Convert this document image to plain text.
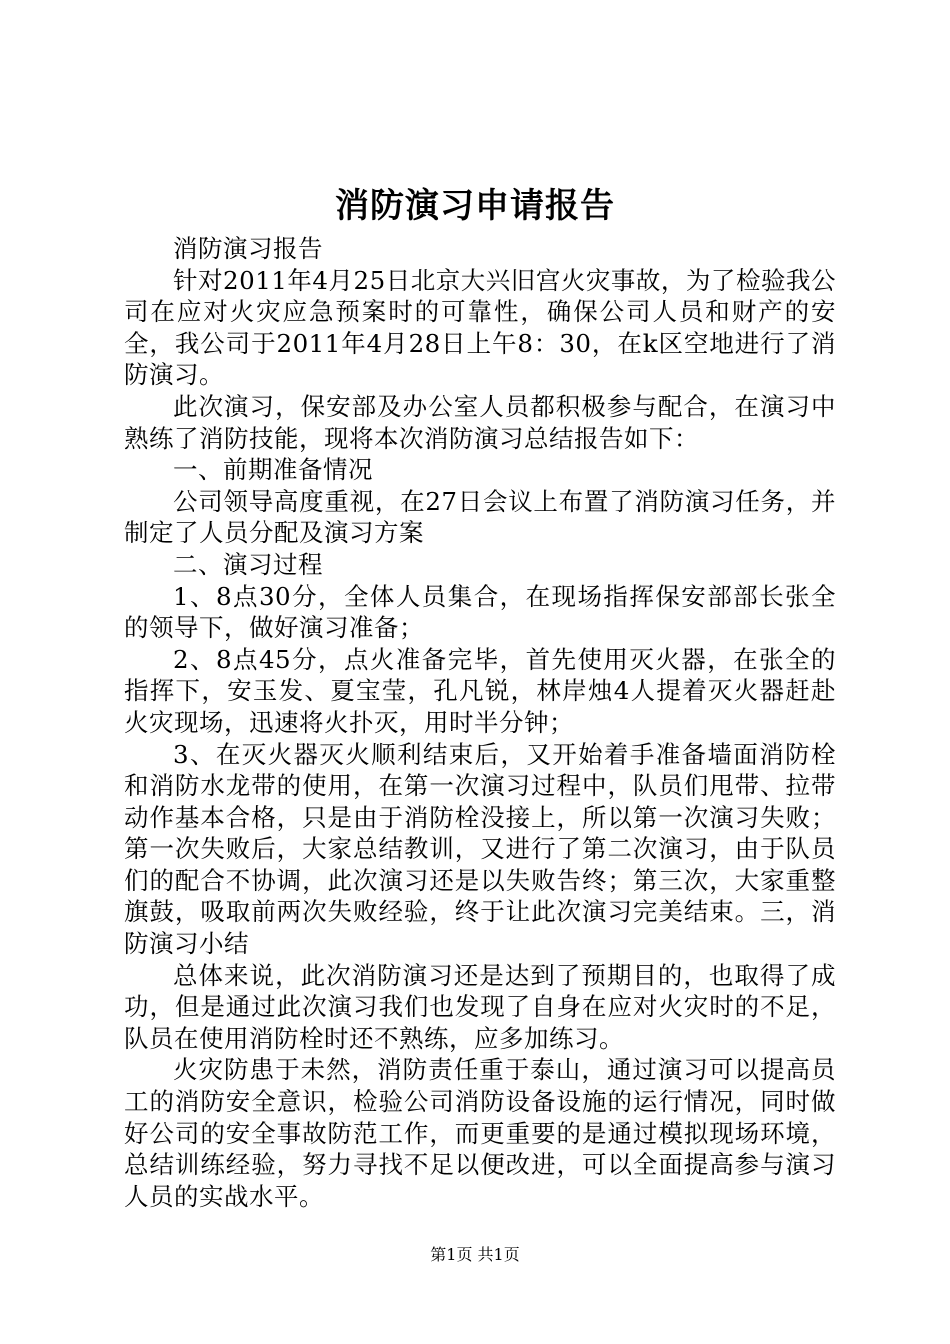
消防演习申请报告

消防演习报告

针对2011年4月25日北京大兴旧宫火灾事故，为了检验我公司在应对火灾应急预案时的可靠性，确保公司人员和财产的安全，我公司于2011年4月28日上午8：30，在k区空地进行了消防演习。

此次演习，保安部及办公室人员都积极参与配合，在演习中熟练了消防技能，现将本次消防演习总结报告如下：

一、前期准备情况

公司领导高度重视，在27日会议上布置了消防演习任务，并制定了人员分配及演习方案

二、演习过程

1、8点30分，全体人员集合，在现场指挥保安部部长张全的领导下，做好演习准备；

2、8点45分，点火准备完毕，首先使用灭火器，在张全的指挥下，安玉发、夏宝莹，孔凡锐，林岸烛4人提着灭火器赶赴火灾现场，迅速将火扑灭，用时半分钟；

3、在灭火器灭火顺利结束后，又开始着手准备墙面消防栓和消防水龙带的使用，在第一次演习过程中，队员们甩带、拉带动作基本合格，只是由于消防栓没接上，所以第一次演习失败；第一次失败后，大家总结教训，又进行了第二次演习，由于队员们的配合不协调，此次演习还是以失败告终；第三次，大家重整旗鼓，吸取前两次失败经验，终于让此次演习完美结束。三，消防演习小结

总体来说，此次消防演习还是达到了预期目的，也取得了成功，但是通过此次演习我们也发现了自身在应对火灾时的不足，队员在使用消防栓时还不熟练，应多加练习。

火灾防患于未然，消防责任重于泰山，通过演习可以提高员工的消防安全意识，检验公司消防设备设施的运行情况，同时做好公司的安全事故防范工作，而更重要的是通过模拟现场环境，总结训练经验，努力寻找不足以便改进，可以全面提高参与演习人员的实战水平。

第1页 共1页
